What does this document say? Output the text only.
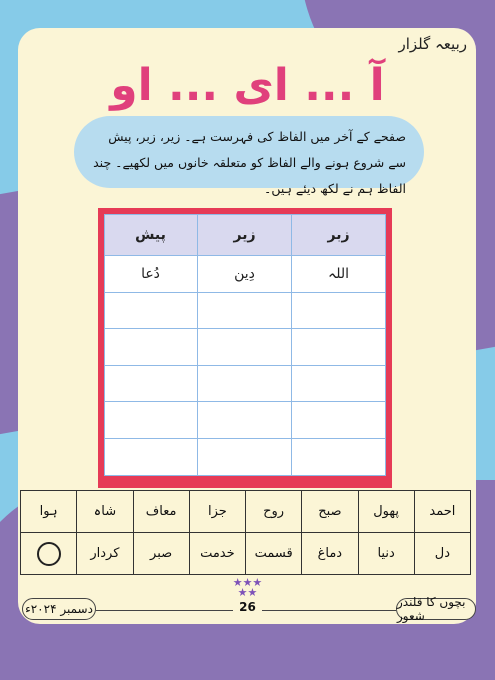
ربیعہ گلزار
آ ... ای ... او
صفحے کے آخر میں الفاظ کی فہرست ہے۔ زیر، زبر، پیش سے شروع ہونے والے الفاظ کو متعلقہ خانوں میں لکھیے۔ چند الفاظ ہم نے لکھ دیئے ہیں۔
زبر
زیر
پیش
اللہ
دِین
دُعا
احمد
پھول
صبح
روح
جزا
معاف
شاہ
ہوا
دل
دنیا
دماغ
قسمت
خدمت
صبر
کردار
★★★
★★
دسمبر ۲۰۲۴ء	بچوں کا قلندر شعور
26
